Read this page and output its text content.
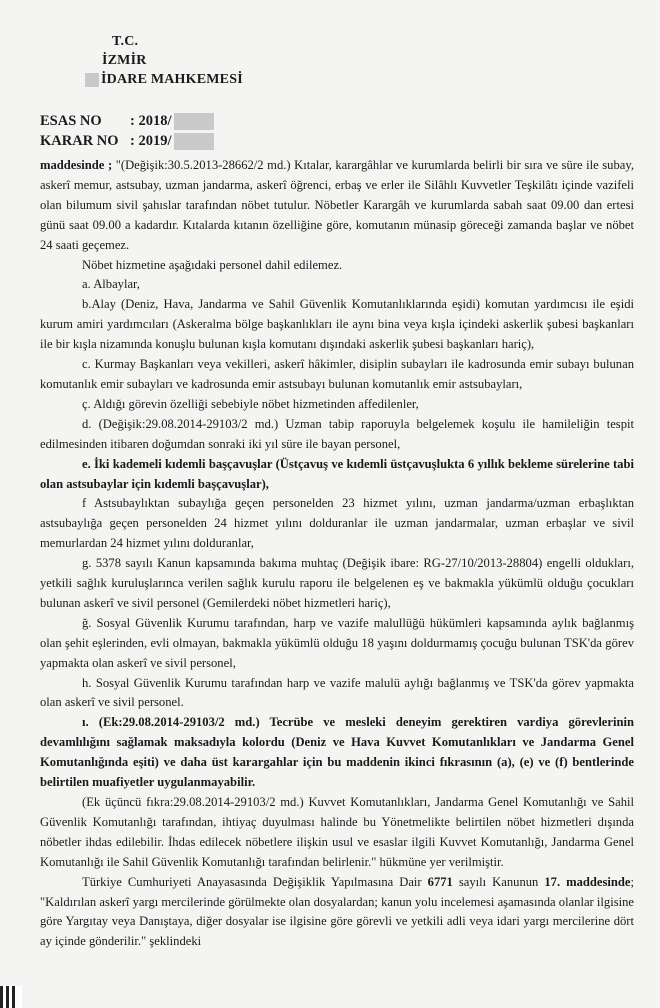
T.C.
İZMİR
İDARE MAHKEMESİ
ESAS NO : 2018/
KARAR NO : 2019/

maddesinde ; "(Değişik:30.5.2013-28662/2 md.) Kıtalar, karargâhlar ve kurumlarda belirli bir sıra ve süre ile subay, askerî memur, astsubay, uzman jandarma, askerî öğrenci, erbaş ve erler ile Silâhlı Kuvvetler Teşkilâtı içinde vazifeli olan bilumum sivil şahıslar tarafından nöbet tutulur. Nöbetler Karargâh ve kurumlarda sabah saat 09.00 dan ertesi günü saat 09.00 a kadardır. Kıtalarda kıtanın özelliğine göre, komutanın münasip göreceği zamanda başlar ve nöbet 24 saati geçemez.

Nöbet hizmetine aşağıdaki personel dahil edilemez.

a. Albaylar,

b.Alay (Deniz, Hava, Jandarma ve Sahil Güvenlik Komutanlıklarında eşidi) komutan yardımcısı ile eşidi kurum amiri yardımcıları (Askeralma bölge başkanlıkları ile aynı bina veya kışla içindeki askerlik şubesi başkanları ile bir kışla nizamında konuşlu bulunan kışla komutanı dışındaki askerlik şubesi başkanları hariç),

c. Kurmay Başkanları veya vekilleri, askerî hâkimler, disiplin subayları ile kadrosunda emir subayı bulunan komutanlık emir subayları ve kadrosunda emir astsubayı bulunan komutanlık emir astsubayları,

ç. Aldığı görevin özelliği sebebiyle nöbet hizmetinden affedilenler,

d. (Değişik:29.08.2014-29103/2 md.) Uzman tabip raporuyla belgelemek koşulu ile hamileliğin tespit edilmesinden itibaren doğumdan sonraki iki yıl süre ile bayan personel,

e. İki kademeli kıdemli başçavuşlar (Üstçavuş ve kıdemli üstçavuşlukta 6 yıllık bekleme sürelerine tabi olan astsubaylar için kıdemli başçavuşlar),

f Astsubaylıktan subaylığa geçen personelden 23 hizmet yılını, uzman jandarma/uzman erbaşlıktan astsubaylığa geçen personelden 24 hizmet yılını dolduranlar ile uzman jandarmalar, uzman erbaşlar ve sivil memurlardan 24 hizmet yılını dolduranlar,

g. 5378 sayılı Kanun kapsamında bakıma muhtaç (Değişik ibare: RG-27/10/2013-28804) engelli oldukları, yetkili sağlık kuruluşlarınca verilen sağlık kurulu raporu ile belgelenen eş ve bakmakla yükümlü olduğu çocukları bulunan askerî ve sivil personel (Gemilerdeki nöbet hizmetleri hariç),

ğ. Sosyal Güvenlik Kurumu tarafından, harp ve vazife malullüğü hükümleri kapsamında aylık bağlanmış olan şehit eşlerinden, evli olmayan, bakmakla yükümlü olduğu 18 yaşını doldurmamış çocuğu bulunan TSK'da görev yapmakta olan askerî ve sivil personel,

h. Sosyal Güvenlik Kurumu tarafından harp ve vazife malulü aylığı bağlanmış ve TSK'da görev yapmakta olan askerî ve sivil personel.

ı. (Ek:29.08.2014-29103/2 md.) Tecrübe ve mesleki deneyim gerektiren vardiya görevlerinin devamlılığını sağlamak maksadıyla kolordu (Deniz ve Hava Kuvvet Komutanlıkları ve Jandarma Genel Komutanlığında eşiti) ve daha üst karargahlar için bu maddenin ikinci fıkrasının (a), (e) ve (f) bentlerinde belirtilen muafiyetler uygulanmayabilir.

(Ek üçüncü fıkra:29.08.2014-29103/2 md.) Kuvvet Komutanlıkları, Jandarma Genel Komutanlığı ve Sahil Güvenlik Komutanlığı tarafından, ihtiyaç duyulması halinde bu Yönetmelikte belirtilen nöbet hizmetleri dışında nöbetler ihdas edilebilir. İhdas edilecek nöbetlere ilişkin usul ve esaslar ilgili Kuvvet Komutanlığı, Jandarma Genel Komutanlığı ile Sahil Güvenlik Komutanlığı tarafından belirlenir." hükmüne yer verilmiştir.

Türkiye Cumhuriyeti Anayasasında Değişiklik Yapılmasına Dair 6771 sayılı Kanunun 17. maddesinde; "Kaldırılan askerî yargı mercilerinde görülmekte olan dosyalardan; kanun yolu incelemesi aşamasında olanlar ilgisine göre Yargıtay veya Danıştaya, diğer dosyalar ise ilgisine göre görevli ve yetkili adli veya idari yargı mercilerine dört ay içinde gönderilir." şeklindeki
